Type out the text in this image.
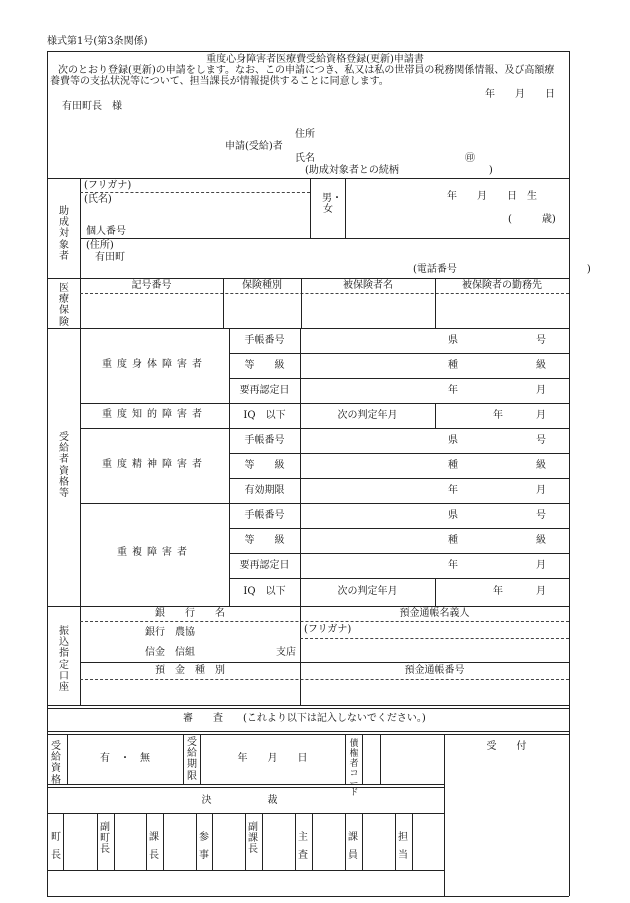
様式第1号(第3条関係)
重度心身障害者医療費受給資格登録(更新)申請書
次のとおり登録(更新)の申請をします。なお、この申請につき、私又は私の世帯員の税務関係情報、及び高額療
養費等の支払状況等について、担当課長が情報提供することに同意します。
年　　月　　日
有田町長　様
住所
申請(受給)者
氏名	㊞
(助成対象者との続柄　　　　　　　　　)
助成対象者
(フリガナ)
(氏名)
個人番号
男・女
年　　月　　日　生
(　　　歳)
(住所)
有田町
(電話番号　　　　　　　　　　　　　)
医療保険
記号番号	保険種別	被保険者名	被保険者の勤務先
受給者資格等
重度身体障害者
重度知的障害者
重度精神障害者
重複障害者
手帳番号	県	号
等　　級	種	級
要再認定日	年	月
IQ　以下	次の判定年月	年	月
手帳番号	県	号
等　　級	種	級
有効期限	年	月
手帳番号	県	号
等　　級	種	級
要再認定日	年	月
IQ　以下	次の判定年月	年	月
振込指定口座
銀　　行　　名	預金通帳名義人
銀行　農協
信金　信組	支店
(フリガナ)
預　金　種　別	預金通帳番号
審　　査　　(これより以下は記入しないでください。)
受給資格
有　・　無
受給期限
年　　月　　日
債権者コード
受　　付
決　　裁
町長
副町長
課長
参事
副課長
主査
課員
担当
